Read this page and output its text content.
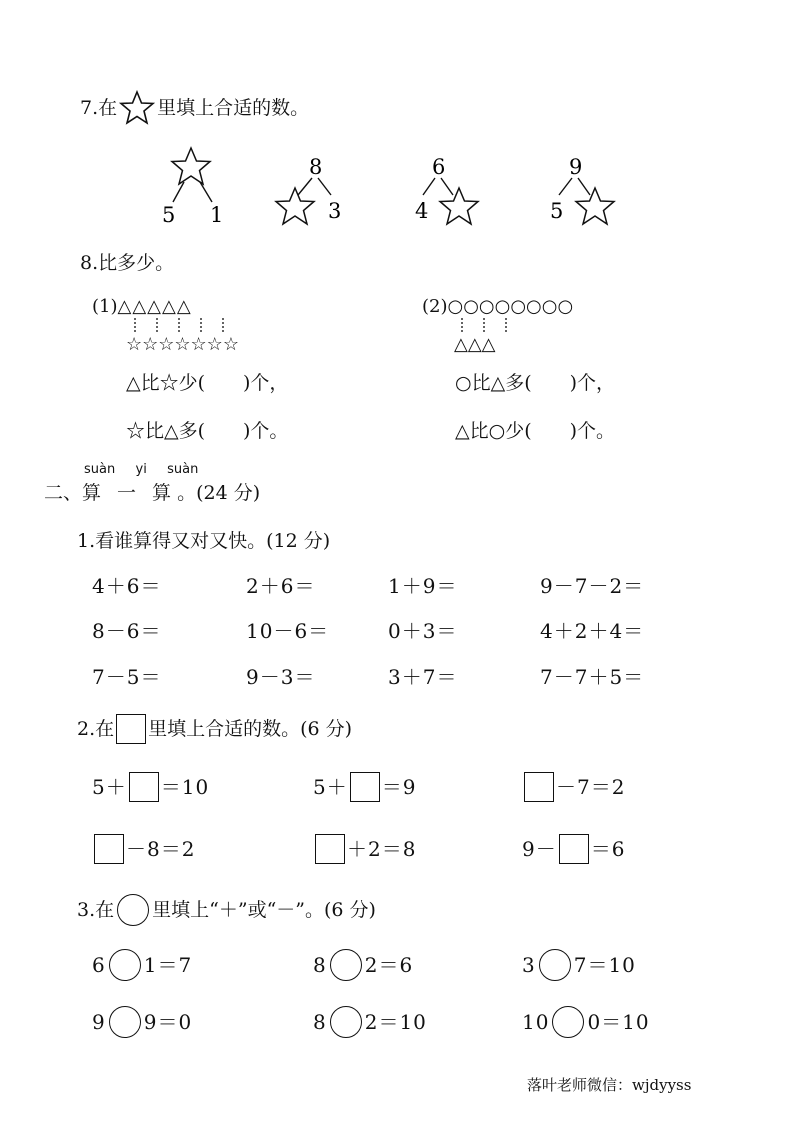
7. 在 里填上合适的数。
5 1
8
3
6
4
9
5
8.比多少。
(1)△△△△△
☆☆☆☆☆☆☆
△比☆少(　　)个，
☆比△多(　　)个。
(2)○○○○○○○○
△△△
○比△多(　　)个，
△比○少(　　)个。
suàn yi suàn
二、算 一 算 。(24 分)
1.看谁算得又对又快。(12 分)
4＋6＝	2＋6＝	1＋9＝	9－7－2＝
8－6＝	10－6＝	0＋3＝	4＋2＋4＝
7－5＝	9－3＝	3＋7＝	7－7＋5＝
2.在 里填上合适的数。(6 分)
5＋ ＝10	5＋ ＝9	－7＝2
－8＝2	＋2＝8	9－ ＝6
3.在 里填上“＋”或“－”。(6 分)
6 1＝7	8 2＝6	3 7＝10
9 9＝0	8 2＝10	10 0＝10
落叶老师微信：wjdyyss
